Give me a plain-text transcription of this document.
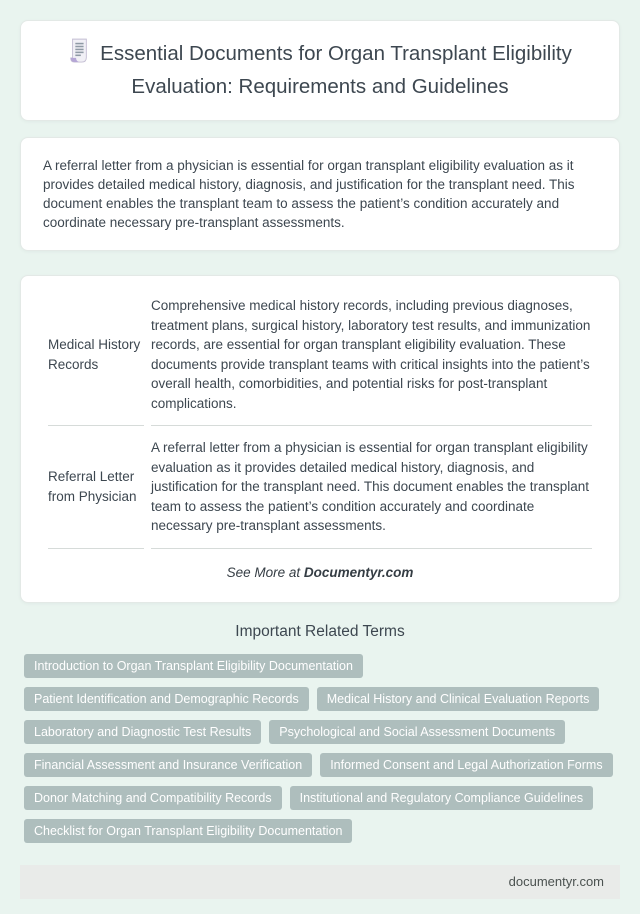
Essential Documents for Organ Transplant Eligibility Evaluation: Requirements and Guidelines
A referral letter from a physician is essential for organ transplant eligibility evaluation as it provides detailed medical history, diagnosis, and justification for the transplant need. This document enables the transplant team to assess the patient’s condition accurately and coordinate necessary pre-transplant assessments.
Medical History Records	Comprehensive medical history records, including previous diagnoses, treatment plans, surgical history, laboratory test results, and immunization records, are essential for organ transplant eligibility evaluation. These documents provide transplant teams with critical insights into the patient’s overall health, comorbidities, and potential risks for post-transplant complications.
Referral Letter from Physician	A referral letter from a physician is essential for organ transplant eligibility evaluation as it provides detailed medical history, diagnosis, and justification for the transplant need. This document enables the transplant team to assess the patient’s condition accurately and coordinate necessary pre-transplant assessments.

See More at Documentyr.com

Important Related Terms
Introduction to Organ Transplant Eligibility Documentation
Patient Identification and Demographic Records	Medical History and Clinical Evaluation Reports
Laboratory and Diagnostic Test Results	Psychological and Social Assessment Documents
Financial Assessment and Insurance Verification	Informed Consent and Legal Authorization Forms
Donor Matching and Compatibility Records	Institutional and Regulatory Compliance Guidelines
Checklist for Organ Transplant Eligibility Documentation
documentyr.com
